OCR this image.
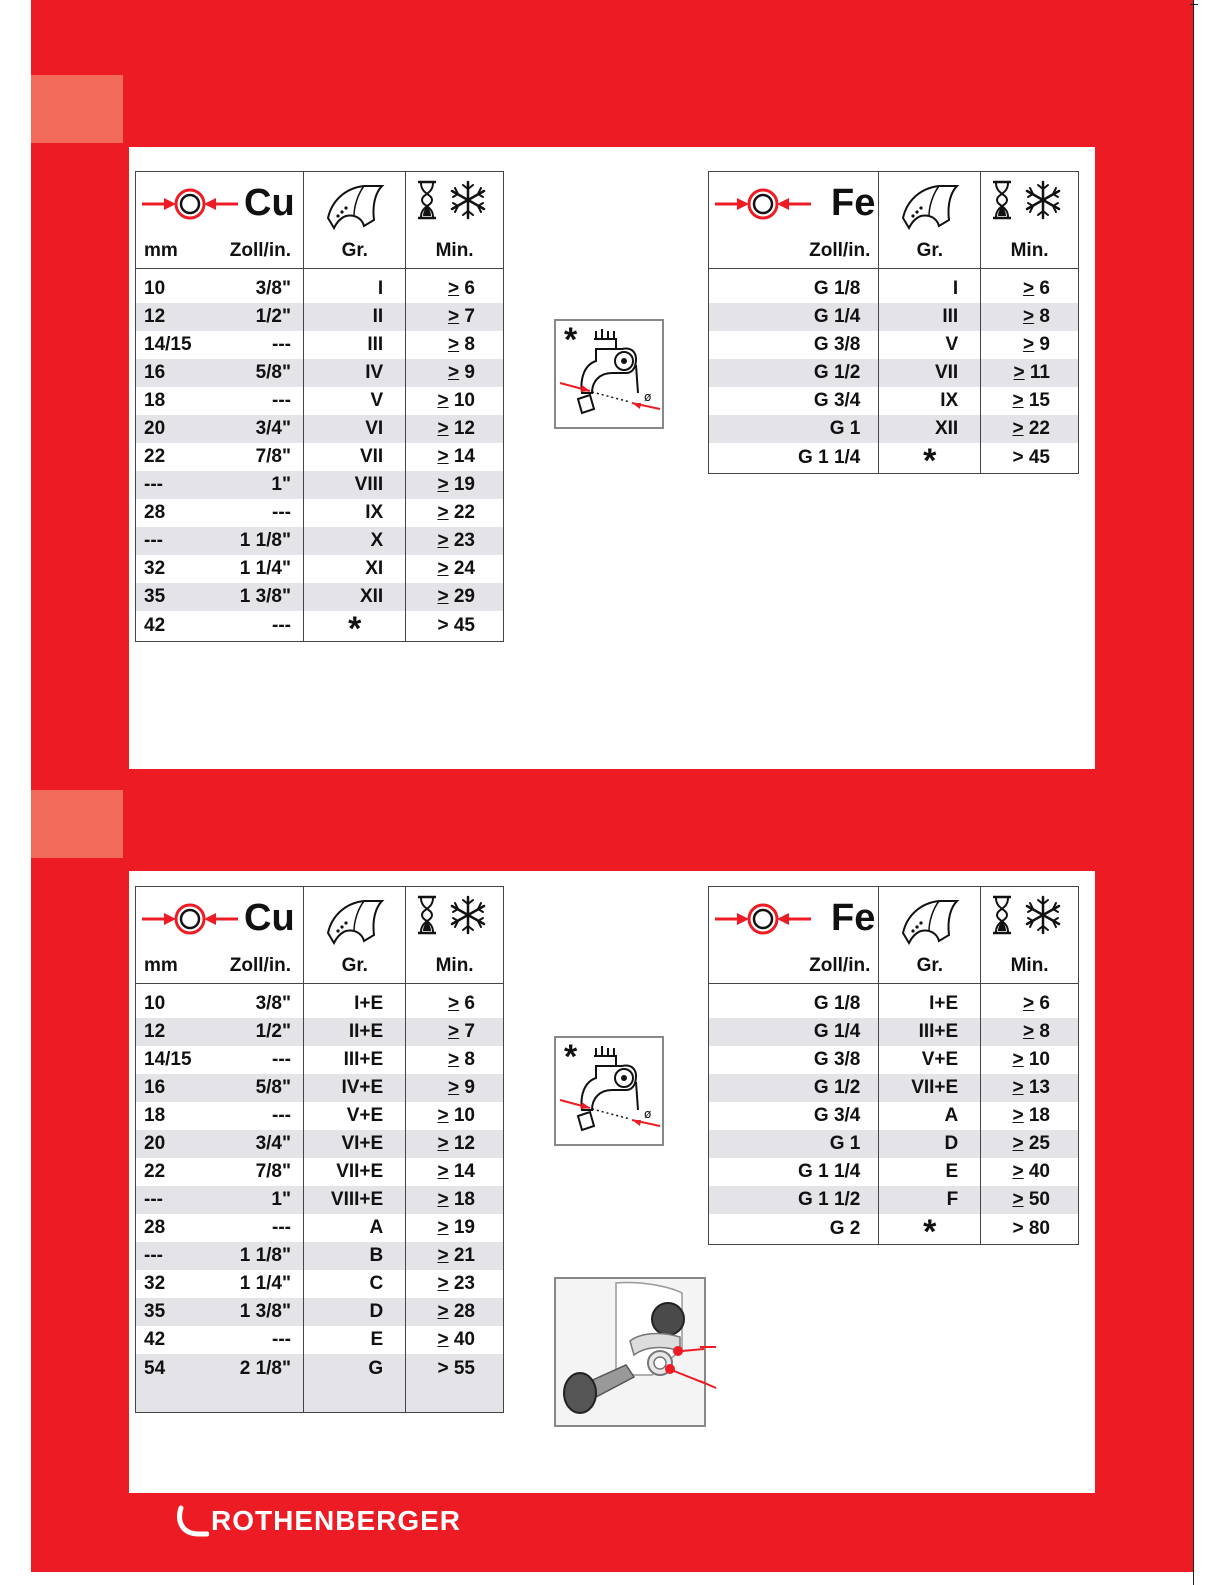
Cu
mm Zoll/in.	Gr.	Min.

10 3/8"	I	≥ 6
12 1/2"	II	≥ 7
14/15 ---	III	≥ 8
16 5/8"	IV	≥ 9
18 ---	V	≥ 10
20 3/4"	VI	≥ 12
22 7/8"	VII	≥ 14
--- 1"	VIII	≥ 19
28 ---	IX	≥ 22
--- 1 1/8"	X	≥ 23
32 1 1/4"	XI	≥ 24
35 1 3/8"	XII	≥ 29
42 ---	*	> 45
Fe
Zoll/in.	Gr.	Min.

G 1/8	I	≥ 6
G 1/4	III	≥ 8
G 3/8	V	≥ 9
G 1/2	VII	≥ 11
G 3/4	IX	≥ 15
G 1	XII	≥ 22
G 1 1/4	*	> 45
*
ø
Cu
mm Zoll/in.	Gr.	Min.

10 3/8"	I+E	≥ 6
12 1/2"	II+E	≥ 7
14/15 ---	III+E	≥ 8
16 5/8"	IV+E	≥ 9
18 ---	V+E	≥ 10
20 3/4"	VI+E	≥ 12
22 7/8"	VII+E	≥ 14
--- 1"	VIII+E	≥ 18
28 ---	A	≥ 19
--- 1 1/8"	B	≥ 21
32 1 1/4"	C	≥ 23
35 1 3/8"	D	≥ 28
42 ---	E	≥ 40
54 2 1/8"	G	> 55

Fe
Zoll/in.	Gr.	Min.

G 1/8	I+E	≥ 6
G 1/4	III+E	≥ 8
G 3/8	V+E	≥ 10
G 1/2	VII+E	≥ 13
G 3/4	A	≥ 18
G 1	D	≥ 25
G 1 1/4	E	≥ 40
G 1 1/2	F	≥ 50
G 2	*	> 80
*
ø
ROTHENBERGER
